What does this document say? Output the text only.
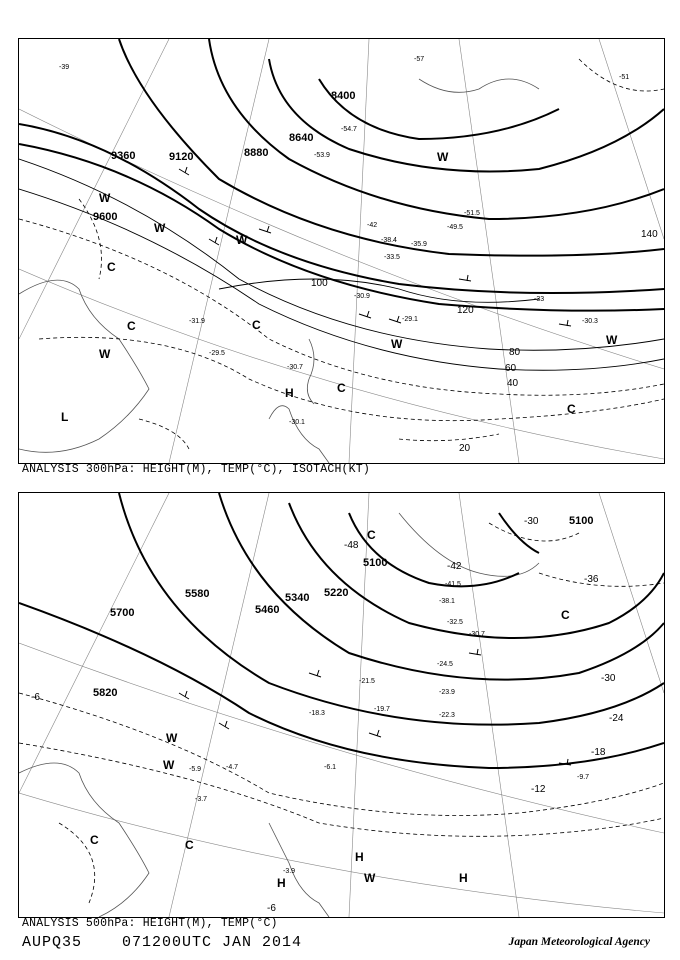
8400
8640
8880
9120
9360
9600
20
40
60
80
100
120
140
-57
-54.7
-53.9
-51.5
-49.5
-42
-38.4
-35.9
-33
-30.9
-30.3
-31.9
-29.5
-30.7
-29.1
-30.1
-33.5
-51
-39
W
W
W
W	W
W
C
C	C
C
C
H
L
W
ANALYSIS 300hPa: HEIGHT(M), TEMP(°C), ISOTACH(KT)
5100
5100
5220
5340
5460
5580
5700
5820
-42
-36
-30
-24
-18
-12
-6
-6
-48
-30
-41.5
-38.1
-32.5
-30.7
-24.5
-23.9
-22.3
-21.5
-19.7
-18.3
-9.7
-5.9
-3.9
-3.7
-4.7	-6.1
C
C
C
C
H
H
H
W
W
W
ANALYSIS 500hPa: HEIGHT(M), TEMP(°C)
AUPQ35	071200UTC JAN 2014	Japan Meteorological Agency
